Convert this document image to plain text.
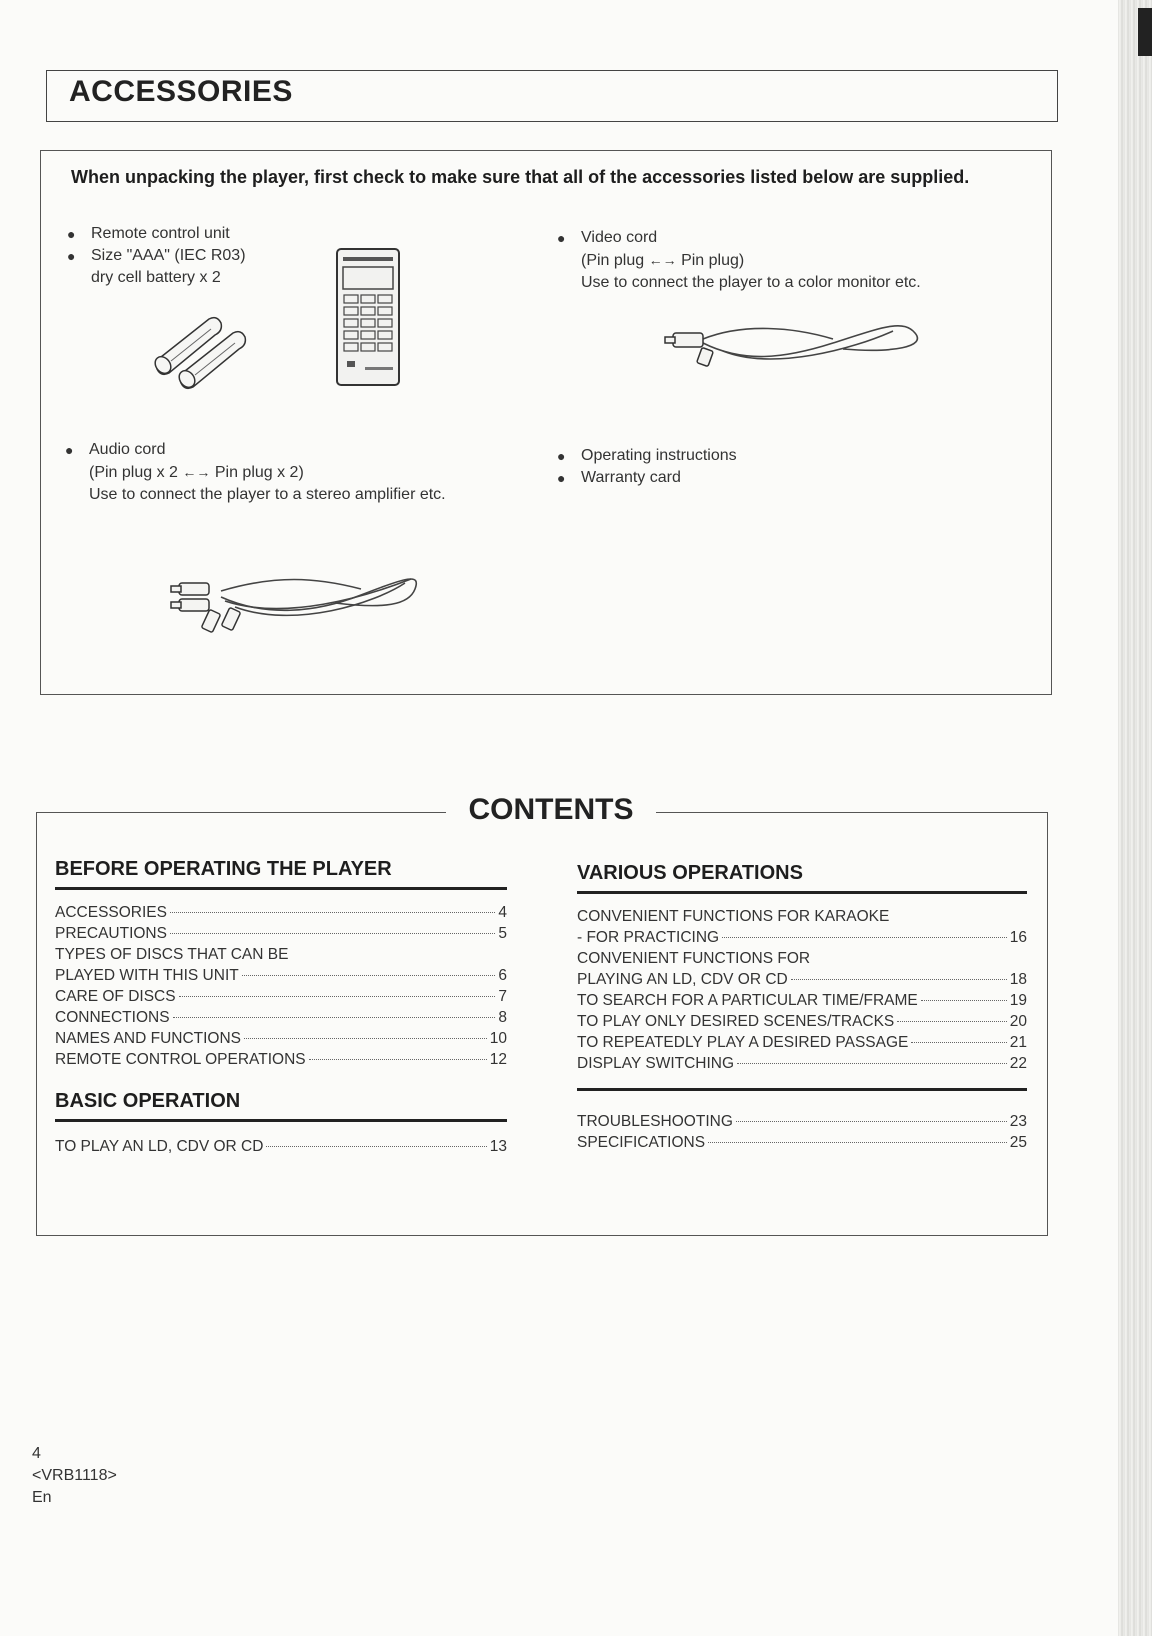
ACCESSORIES

When unpacking the player, first check to make sure that all of the accessories listed below are supplied.

● Remote control unit
● Size "AAA" (IEC R03)
dry cell battery x 2
● Video cord
(Pin plug ←→ Pin plug)
Use to connect the player to a color monitor etc.
● Audio cord
(Pin plug x 2 ←→ Pin plug x 2)
Use to connect the player to a stereo amplifier etc.
● Operating instructions
● Warranty card
CONTENTS
BEFORE OPERATING THE PLAYER
ACCESSORIES	4
PRECAUTIONS	5
TYPES OF DISCS THAT CAN BE
PLAYED WITH THIS UNIT	6
CARE OF DISCS	7
CONNECTIONS	8
NAMES AND FUNCTIONS	10
REMOTE CONTROL OPERATIONS	12
BASIC OPERATION
TO PLAY AN LD, CDV OR CD	13
VARIOUS OPERATIONS
CONVENIENT FUNCTIONS FOR KARAOKE
- FOR PRACTICING	16
CONVENIENT FUNCTIONS FOR
PLAYING AN LD, CDV OR CD	18
TO SEARCH FOR A PARTICULAR TIME/FRAME	19
TO PLAY ONLY DESIRED SCENES/TRACKS	20
TO REPEATEDLY PLAY A DESIRED PASSAGE	21
DISPLAY SWITCHING	22
TROUBLESHOOTING	23
SPECIFICATIONS	25
4
<VRB1118>
En
